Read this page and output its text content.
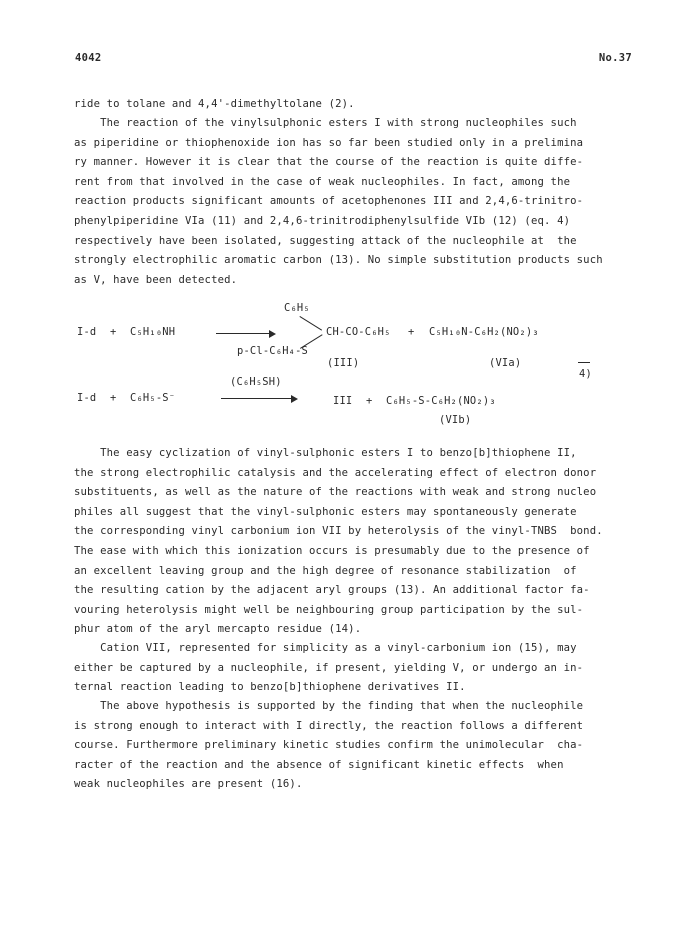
4042	No.37
ride to tolane and 4,4'-dimethyltolane (2).
The reaction of the vinylsulphonic esters I with strong nucleophiles such
as piperidine or thiophenoxide ion has so far been studied only in a prelimina
ry manner. However it is clear that the course of the reaction is quite diffe-
rent from that involved in the case of weak nucleophiles. In fact, among the
reaction products significant amounts of acetophenones III and 2,4,6-trinitro-
phenylpiperidine VIa (11) and 2,4,6-trinitrodiphenylsulfide VIb (12) (eq. 4)
respectively have been isolated, suggesting attack of the nucleophile at  the
strongly electrophilic aromatic carbon (13). No simple substitution products such
as V, have been detected.
I-d + C₅H₁₀NH
C₆H₅
CH-CO-C₆H₅
p-Cl-C₆H₄-S
(III)
+ C₅H₁₀N-C₆H₂(NO₂)₃
(VIa)
4)
I-d + C₆H₅-S⁻
(C₆H₅SH)
III + C₆H₅-S-C₆H₂(NO₂)₃
(VIb)
The easy cyclization of vinyl-sulphonic esters I to benzo[b]thiophene II,
the strong electrophilic catalysis and the accelerating effect of electron donor
substituents, as well as the nature of the reactions with weak and strong nucleo
philes all suggest that the vinyl-sulphonic esters may spontaneously generate
the corresponding vinyl carbonium ion VII by heterolysis of the vinyl-TNBS  bond.
The ease with which this ionization occurs is presumably due to the presence of
an excellent leaving group and the high degree of resonance stabilization  of
the resulting cation by the adjacent aryl groups (13). An additional factor fa-
vouring heterolysis might well be neighbouring group participation by the sul-
phur atom of the aryl mercapto residue (14).
Cation VII, represented for simplicity as a vinyl-carbonium ion (15), may
either be captured by a nucleophile, if present, yielding V, or undergo an in-
ternal reaction leading to benzo[b]thiophene derivatives II.
The above hypothesis is supported by the finding that when the nucleophile
is strong enough to interact with I directly, the reaction follows a different
course. Furthermore preliminary kinetic studies confirm the unimolecular  cha-
racter of the reaction and the absence of significant kinetic effects  when
weak nucleophiles are present (16).
